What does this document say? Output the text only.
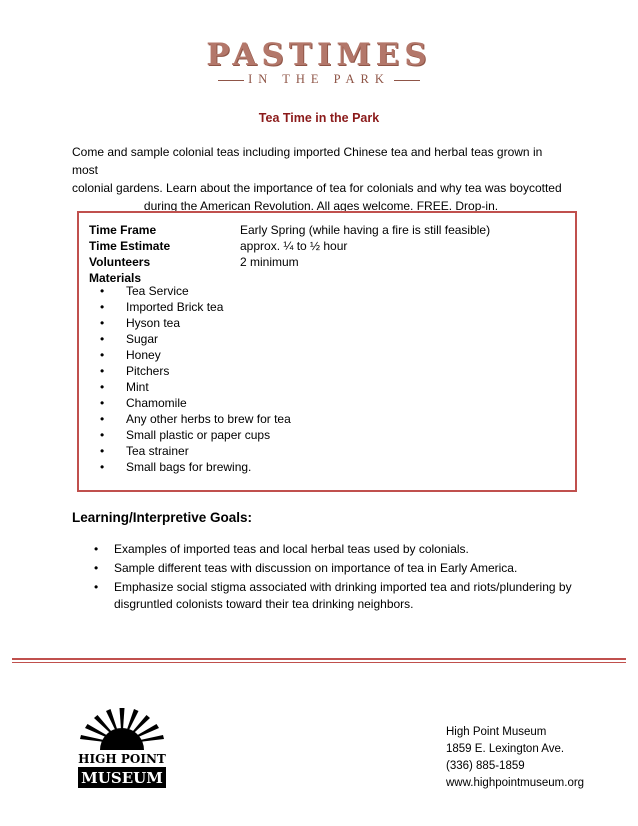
PASTIMES
IN THE PARK
Tea Time in the Park
Come and sample colonial teas including imported Chinese tea and herbal teas grown in most
colonial gardens. Learn about the importance of tea for colonials and why tea was boycotted
during the American Revolution. All ages welcome. FREE. Drop-in.
Time Frame	Early Spring (while having a fire is still feasible)
Time Estimate	approx. ¼ to ½ hour
Volunteers	2 minimum
Materials
• Tea Service
• Imported Brick tea
• Hyson tea
• Sugar
• Honey
• Pitchers
• Mint
• Chamomile
• Any other herbs to brew for tea
• Small plastic or paper cups
• Tea strainer
• Small bags for brewing.
Learning/Interpretive Goals:
• Examples of imported teas and local herbal teas used by colonials.
• Sample different teas with discussion on importance of tea in Early America.
• Emphasize social stigma associated with drinking imported tea and riots/plundering by disgruntled colonists toward their tea drinking neighbors.
HIGH POINT
MUSEUM
High Point Museum
1859 E. Lexington Ave.
(336) 885-1859
www.highpointmuseum.org
